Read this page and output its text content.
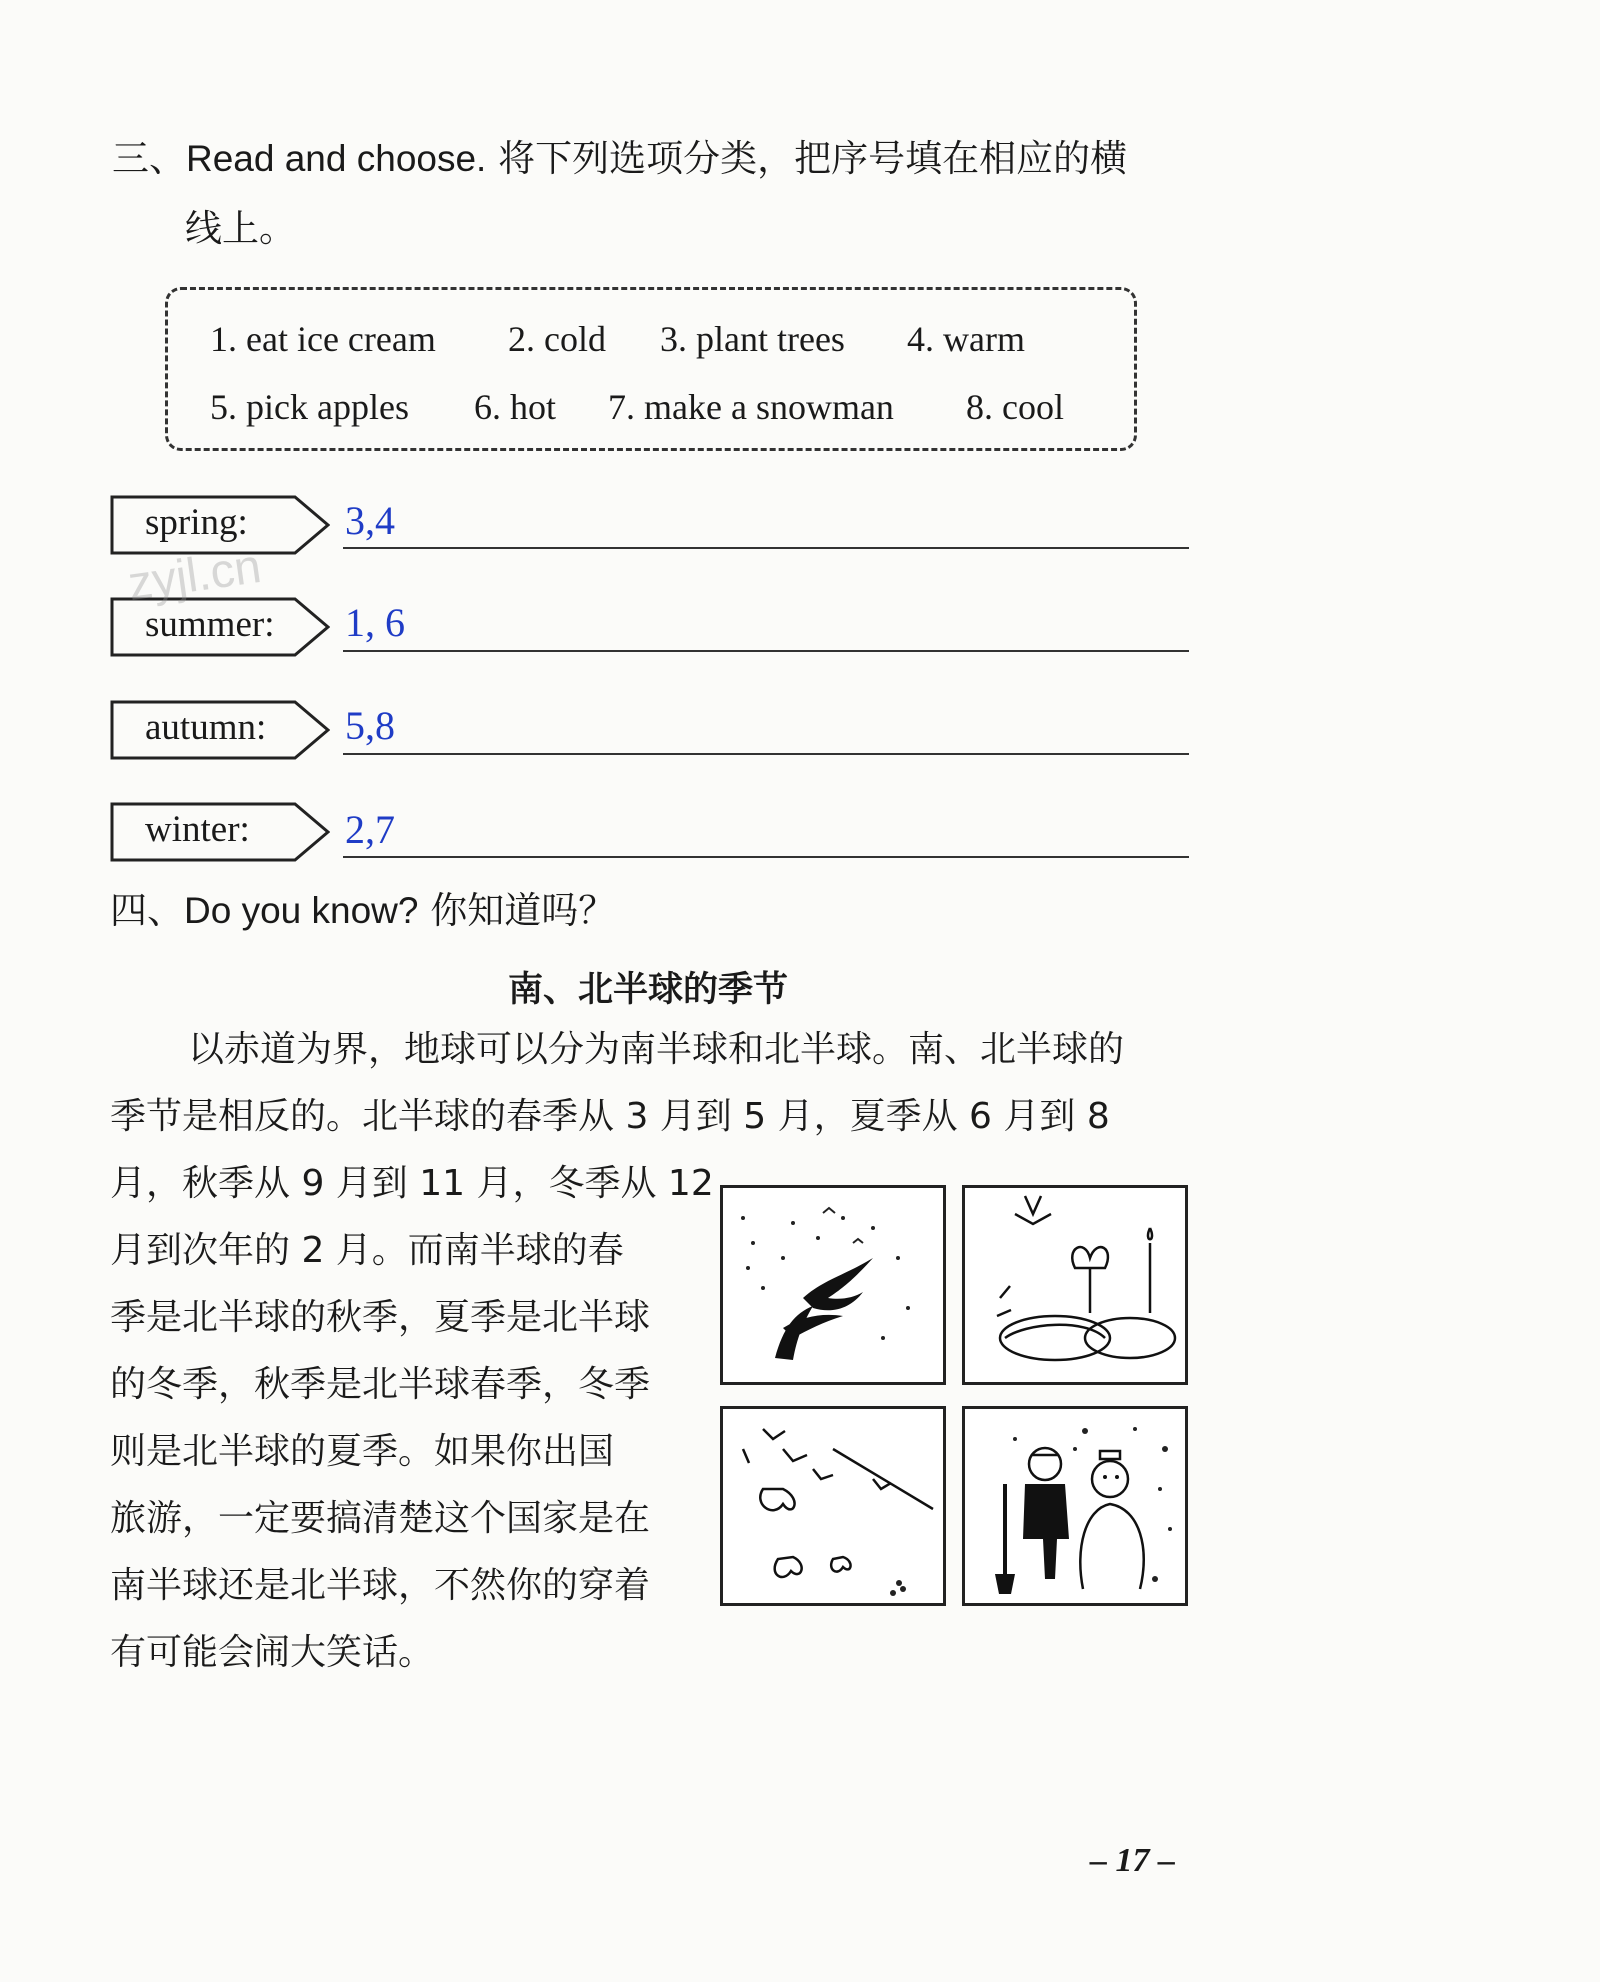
三、Read and choose. 将下列选项分类，把序号填在相应的横
线上。
1. eat ice cream 2. cold 3. plant trees 4. warm
5. pick apples 6. hot 7. make a snowman 8. cool
spring: 3,4
summer: 1, 6
autumn: 5,8
winter: 2,7
zyjl.cn
四、Do you know? 你知道吗？
南、北半球的季节
以赤道为界，地球可以分为南半球和北半球。南、北半球的
季节是相反的。北半球的春季从 3 月到 5 月，夏季从 6 月到 8
月，秋季从 9 月到 11 月，冬季从 12
月到次年的 2 月。而南半球的春
季是北半球的秋季，夏季是北半球
的冬季，秋季是北半球春季，冬季
则是北半球的夏季。如果你出国
旅游，一定要搞清楚这个国家是在
南半球还是北半球，不然你的穿着
有可能会闹大笑话。
– 17 –
